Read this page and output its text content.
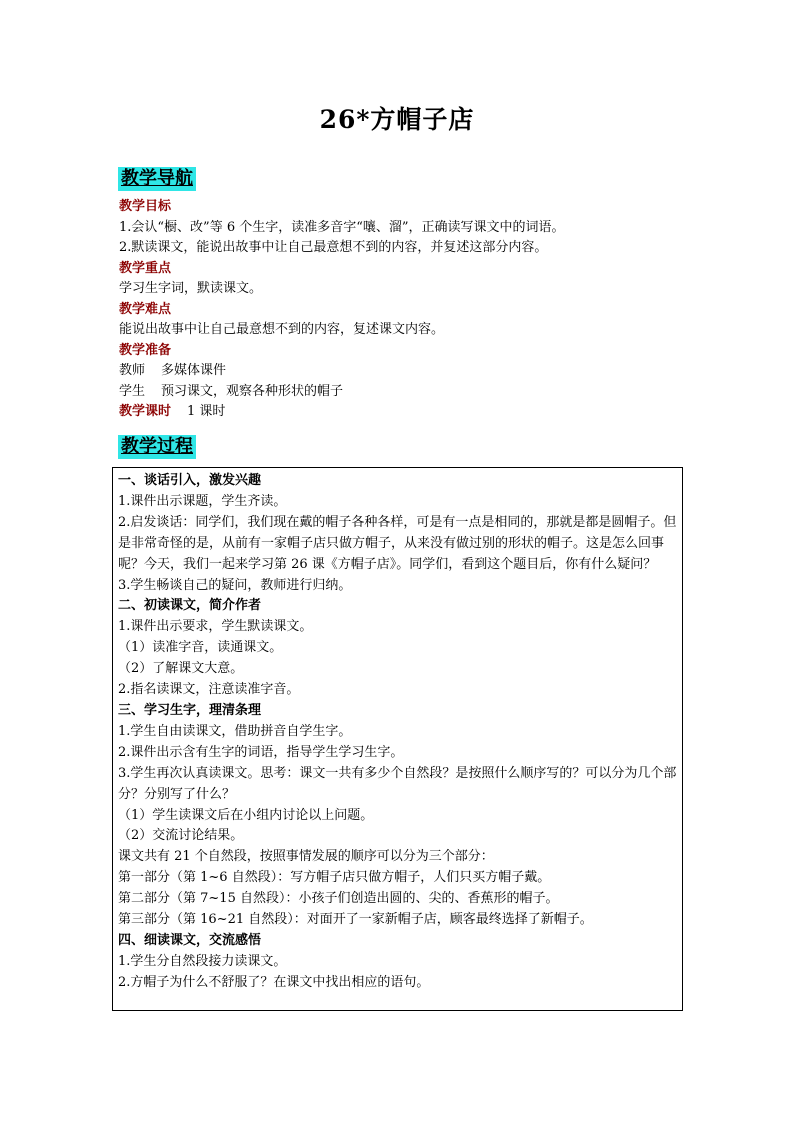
26*方帽子店
教学导航
教学目标
1.会认“橱、改”等 6 个生字，读准多音字“嚷、溜”，正确读写课文中的词语。
2.默读课文，能说出故事中让自己最意想不到的内容，并复述这部分内容。
教学重点
学习生字词，默读课文。
教学难点
能说出故事中让自己最意想不到的内容，复述课文内容。
教学准备
教师 多媒体课件
学生 预习课文，观察各种形状的帽子
教学课时 1 课时
教学过程
一、谈话引入，激发兴趣
1.课件出示课题，学生齐读。
2.启发谈话：同学们，我们现在戴的帽子各种各样，可是有一点是相同的，那就是都是圆帽子。但是非常奇怪的是，从前有一家帽子店只做方帽子，从来没有做过别的形状的帽子。这是怎么回事呢？今天，我们一起来学习第 26 课《方帽子店》。同学们，看到这个题目后，你有什么疑问？
3.学生畅谈自己的疑问，教师进行归纳。
二、初读课文，简介作者
1.课件出示要求，学生默读课文。
（1）读准字音，读通课文。
（2）了解课文大意。
2.指名读课文，注意读准字音。
三、学习生字，理清条理
1.学生自由读课文，借助拼音自学生字。
2.课件出示含有生字的词语，指导学生学习生字。
3.学生再次认真读课文。思考：课文一共有多少个自然段？是按照什么顺序写的？可以分为几个部分？分别写了什么？
（1）学生读课文后在小组内讨论以上问题。
（2）交流讨论结果。
课文共有 21 个自然段，按照事情发展的顺序可以分为三个部分：
第一部分（第 1~6 自然段）：写方帽子店只做方帽子，人们只买方帽子戴。
第二部分（第 7~15 自然段）：小孩子们创造出圆的、尖的、香蕉形的帽子。
第三部分（第 16~21 自然段）：对面开了一家新帽子店，顾客最终选择了新帽子。
四、细读课文，交流感悟
1.学生分自然段接力读课文。
2.方帽子为什么不舒服了？在课文中找出相应的语句。
